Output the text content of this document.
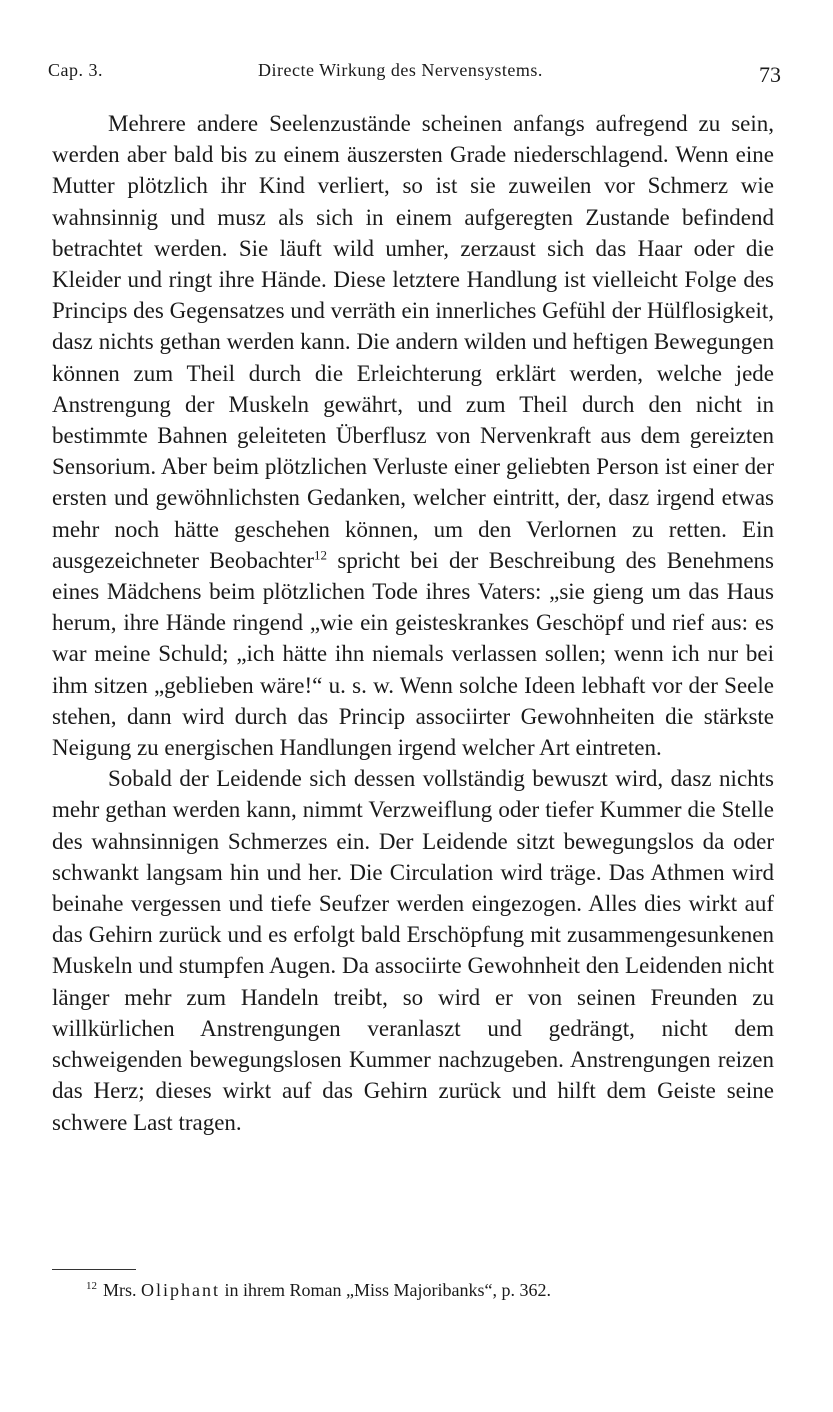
Cap. 3.	Directe Wirkung des Nervensystems.	73

Mehrere andere Seelenzustände scheinen anfangs aufregend zu sein, werden aber bald bis zu einem äuszersten Grade niederschlagend. Wenn eine Mutter plötzlich ihr Kind verliert, so ist sie zuweilen vor Schmerz wie wahnsinnig und musz als sich in einem aufgeregten Zustande befindend betrachtet werden. Sie läuft wild umher, zerzaust sich das Haar oder die Kleider und ringt ihre Hände. Diese letztere Handlung ist vielleicht Folge des Princips des Gegensatzes und verräth ein innerliches Gefühl der Hülflosigkeit, dasz nichts gethan werden kann. Die andern wilden und heftigen Bewegungen können zum Theil durch die Erleichterung erklärt werden, welche jede Anstrengung der Muskeln gewährt, und zum Theil durch den nicht in bestimmte Bahnen geleiteten Überflusz von Nervenkraft aus dem gereizten Sensorium. Aber beim plötzlichen Verluste einer geliebten Person ist einer der ersten und gewöhnlichsten Gedanken, welcher eintritt, der, dasz irgend etwas mehr noch hätte geschehen können, um den Verlornen zu retten. Ein ausgezeichneter Beobachter$^{12}$ spricht bei der Beschreibung des Benehmens eines Mädchens beim plötzlichen Tode ihres Vaters: „sie gieng um das Haus herum, ihre Hände ringend „wie ein geisteskrankes Geschöpf und rief aus: es war meine Schuld; „ich hätte ihn niemals verlassen sollen; wenn ich nur bei ihm sitzen „geblieben wäre!“ u. s. w. Wenn solche Ideen lebhaft vor der Seele stehen, dann wird durch das Princip associirter Gewohnheiten die stärkste Neigung zu energischen Handlungen irgend welcher Art eintreten.

Sobald der Leidende sich dessen vollständig bewuszt wird, dasz nichts mehr gethan werden kann, nimmt Verzweiflung oder tiefer Kummer die Stelle des wahnsinnigen Schmerzes ein. Der Leidende sitzt bewegungslos da oder schwankt langsam hin und her. Die Circulation wird träge. Das Athmen wird beinahe vergessen und tiefe Seufzer werden eingezogen. Alles dies wirkt auf das Gehirn zurück und es erfolgt bald Erschöpfung mit zusammengesunkenen Muskeln und stumpfen Augen. Da associirte Gewohnheit den Leidenden nicht länger mehr zum Handeln treibt, so wird er von seinen Freunden zu willkürlichen Anstrengungen veranlaszt und gedrängt, nicht dem schweigenden bewegungslosen Kummer nachzugeben. Anstrengungen reizen das Herz; dieses wirkt auf das Gehirn zurück und hilft dem Geiste seine schwere Last tragen.

$^{12}$ Mrs. Oliphant in ihrem Roman „Miss Majoribanks“, p. 362.
